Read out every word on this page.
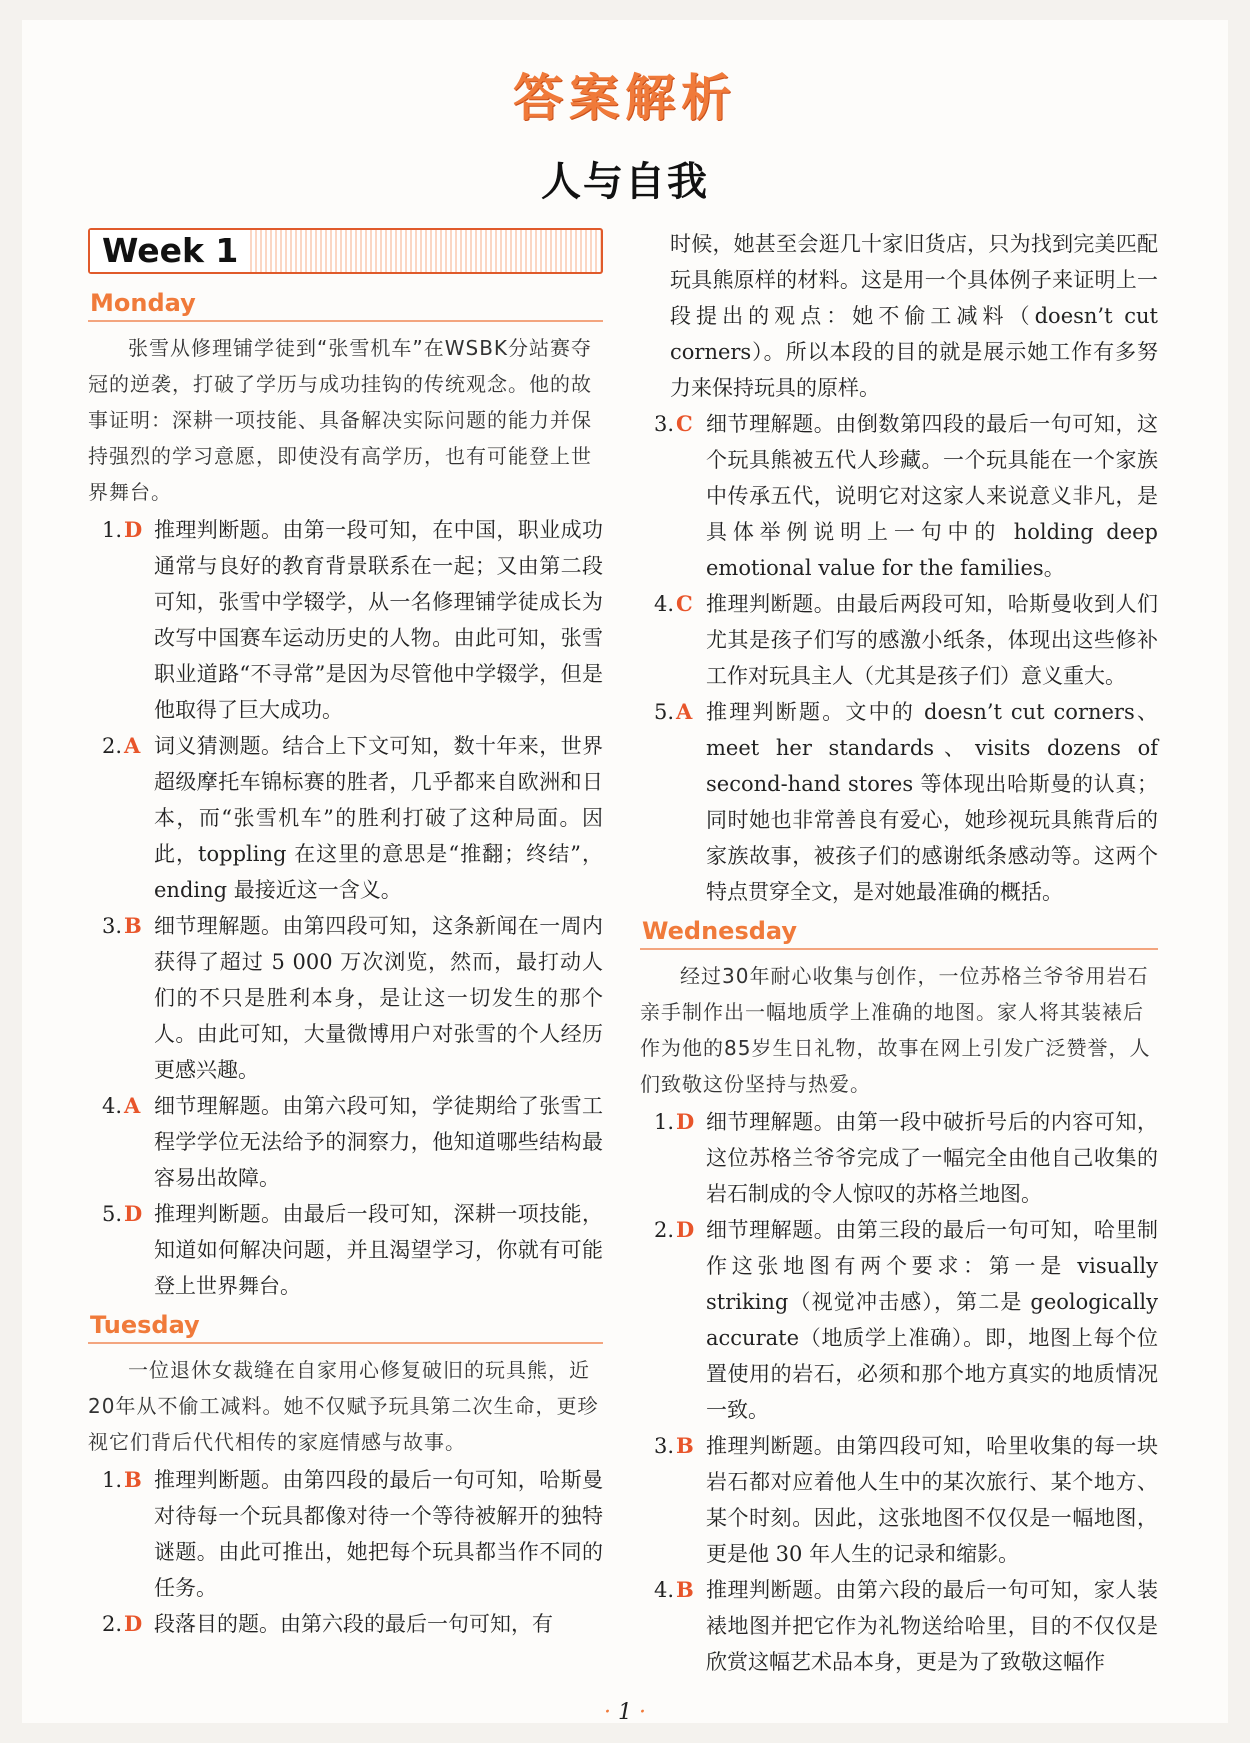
答案解析
人与自我
Week 1
Monday
张雪从修理铺学徒到“张雪机车”在WSBK分站赛夺冠的逆袭，打破了学历与成功挂钩的传统观念。他的故事证明：深耕一项技能、具备解决实际问题的能力并保持强烈的学习意愿，即使没有高学历，也有可能登上世界舞台。
1. D 推理判断题。由第一段可知，在中国，职业成功通常与良好的教育背景联系在一起；又由第二段可知，张雪中学辍学，从一名修理铺学徒成长为改写中国赛车运动历史的人物。由此可知，张雪职业道路“不寻常”是因为尽管他中学辍学，但是他取得了巨大成功。
2. A 词义猜测题。结合上下文可知，数十年来，世界超级摩托车锦标赛的胜者，几乎都来自欧洲和日本，而“张雪机车”的胜利打破了这种局面。因此，toppling 在这里的意思是“推翻；终结”，ending 最接近这一含义。
3. B 细节理解题。由第四段可知，这条新闻在一周内获得了超过 5 000 万次浏览，然而，最打动人们的不只是胜利本身，是让这一切发生的那个人。由此可知，大量微博用户对张雪的个人经历更感兴趣。
4. A 细节理解题。由第六段可知，学徒期给了张雪工程学学位无法给予的洞察力，他知道哪些结构最容易出故障。
5. D 推理判断题。由最后一段可知，深耕一项技能，知道如何解决问题，并且渴望学习，你就有可能登上世界舞台。
Tuesday
一位退休女裁缝在自家用心修复破旧的玩具熊，近20年从不偷工减料。她不仅赋予玩具第二次生命，更珍视它们背后代代相传的家庭情感与故事。
1. B 推理判断题。由第四段的最后一句可知，哈斯曼对待每一个玩具都像对待一个等待被解开的独特谜题。由此可推出，她把每个玩具都当作不同的任务。
2. D 段落目的题。由第六段的最后一句可知，有
时候，她甚至会逛几十家旧货店，只为找到完美匹配玩具熊原样的材料。这是用一个具体例子来证明上一段提出的观点：她不偷工减料（doesn’t cut corners）。所以本段的目的就是展示她工作有多努力来保持玩具的原样。
3. C 细节理解题。由倒数第四段的最后一句可知，这个玩具熊被五代人珍藏。一个玩具能在一个家族中传承五代，说明它对这家人来说意义非凡，是具体举例说明上一句中的 holding deep emotional value for the families。
4. C 推理判断题。由最后两段可知，哈斯曼收到人们尤其是孩子们写的感激小纸条，体现出这些修补工作对玩具主人（尤其是孩子们）意义重大。
5. A 推理判断题。文中的 doesn’t cut corners、meet her standards、visits dozens of second-hand stores 等体现出哈斯曼的认真；同时她也非常善良有爱心，她珍视玩具熊背后的家族故事，被孩子们的感谢纸条感动等。这两个特点贯穿全文，是对她最准确的概括。
Wednesday
经过30年耐心收集与创作，一位苏格兰爷爷用岩石亲手制作出一幅地质学上准确的地图。家人将其装裱后作为他的85岁生日礼物，故事在网上引发广泛赞誉，人们致敬这份坚持与热爱。
1. D 细节理解题。由第一段中破折号后的内容可知，这位苏格兰爷爷完成了一幅完全由他自己收集的岩石制成的令人惊叹的苏格兰地图。
2. D 细节理解题。由第三段的最后一句可知，哈里制作这张地图有两个要求：第一是 visually striking（视觉冲击感），第二是 geologically accurate（地质学上准确）。即，地图上每个位置使用的岩石，必须和那个地方真实的地质情况一致。
3. B 推理判断题。由第四段可知，哈里收集的每一块岩石都对应着他人生中的某次旅行、某个地方、某个时刻。因此，这张地图不仅仅是一幅地图，更是他 30 年人生的记录和缩影。
4. B 推理判断题。由第六段的最后一句可知，家人装裱地图并把它作为礼物送给哈里，目的不仅仅是欣赏这幅艺术品本身，更是为了致敬这幅作
· 1 ·
